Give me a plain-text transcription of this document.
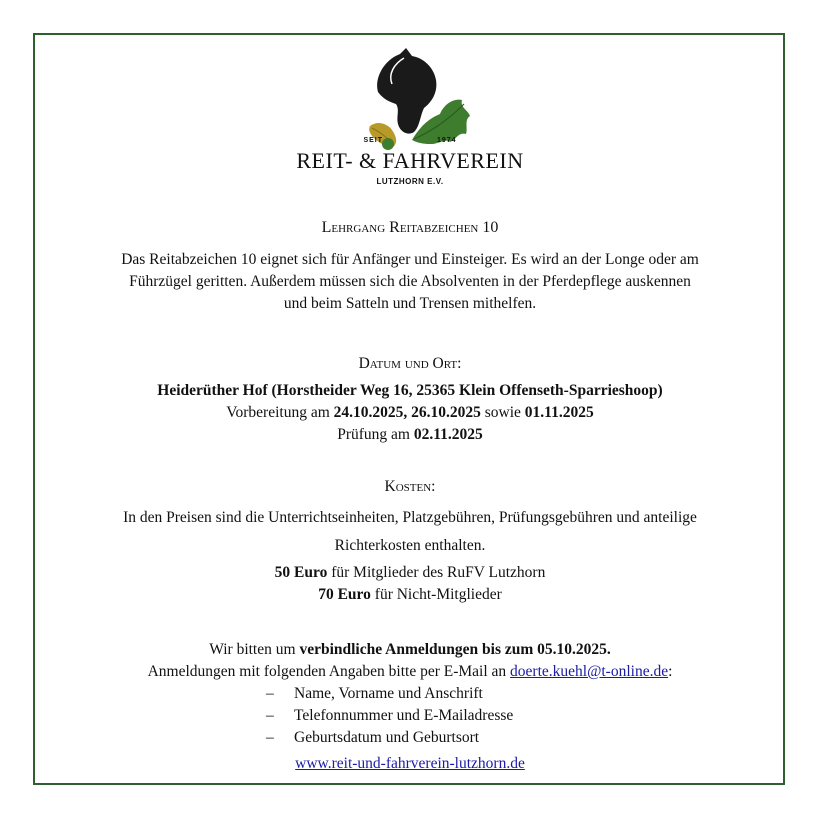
SEIT	1974
REIT- & FAHRVEREIN
LUTZHORN E.V.
Lehrgang Reitabzeichen 10
Das Reitabzeichen 10 eignet sich für Anfänger und Einsteiger. Es wird an der Longe oder am
Führzügel geritten. Außerdem müssen sich die Absolventen in der Pferdepflege auskennen
und beim Satteln und Trensen mithelfen.
Datum und Ort:
Heiderüther Hof (Horstheider Weg 16, 25365 Klein Offenseth-Sparrieshoop)
Vorbereitung am 24.10.2025, 26.10.2025 sowie 01.11.2025
Prüfung am 02.11.2025
Kosten:
In den Preisen sind die Unterrichtseinheiten, Platzgebühren, Prüfungsgebühren und anteilige
Richterkosten enthalten.
50 Euro für Mitglieder des RuFV Lutzhorn
70 Euro für Nicht-Mitglieder
Wir bitten um verbindliche Anmeldungen bis zum 05.10.2025.
Anmeldungen mit folgenden Angaben bitte per E-Mail an doerte.kuehl@t-online.de:
– Name, Vorname und Anschrift
– Telefonnummer und E-Mailadresse
– Geburtsdatum und Geburtsort
www.reit-und-fahrverein-lutzhorn.de
